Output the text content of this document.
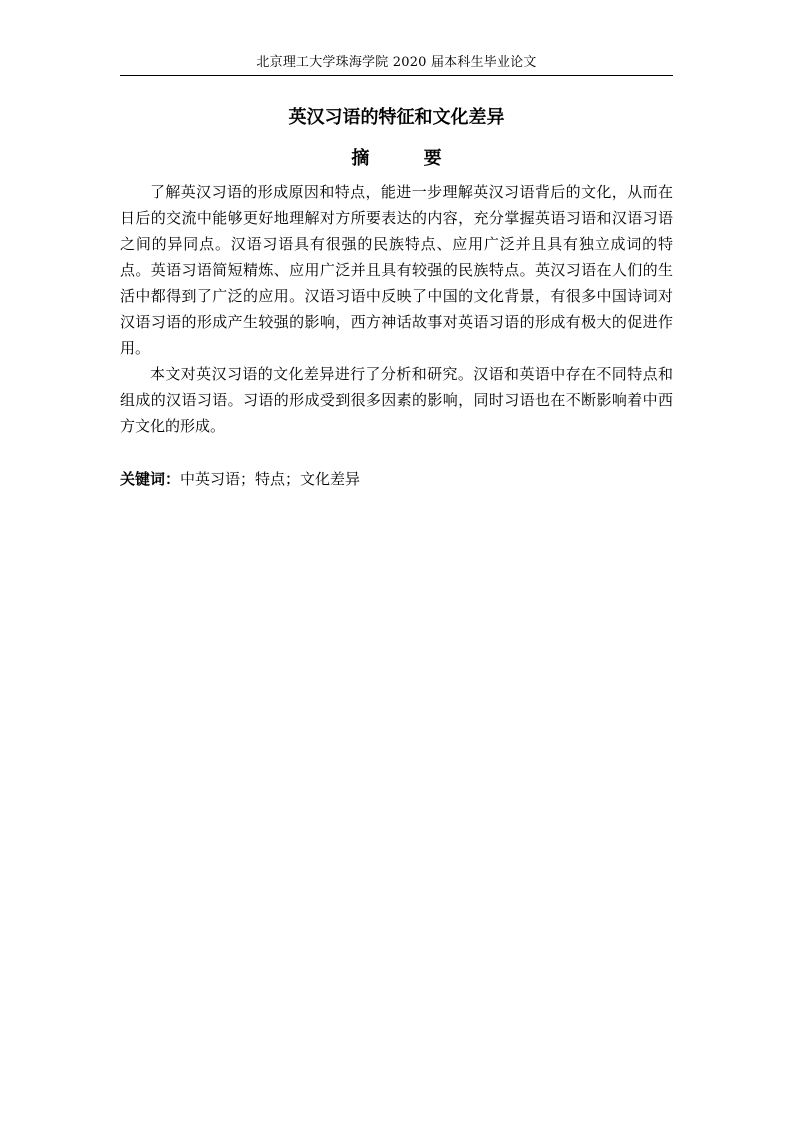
北京理工大学珠海学院 2020 届本科生毕业论文
英汉习语的特征和文化差异
摘 要

了解英汉习语的形成原因和特点，能进一步理解英汉习语背后的文化，从而在日后的交流中能够更好地理解对方所要表达的内容，充分掌握英语习语和汉语习语之间的异同点。汉语习语具有很强的民族特点、应用广泛并且具有独立成词的特点。英语习语简短精炼、应用广泛并且具有较强的民族特点。英汉习语在人们的生活中都得到了广泛的应用。汉语习语中反映了中国的文化背景，有很多中国诗词对汉语习语的形成产生较强的影响，西方神话故事对英语习语的形成有极大的促进作用。

本文对英汉习语的文化差异进行了分析和研究。汉语和英语中存在不同特点和组成的汉语习语。习语的形成受到很多因素的影响，同时习语也在不断影响着中西方文化的形成。

关键词：中英习语；特点；文化差异
